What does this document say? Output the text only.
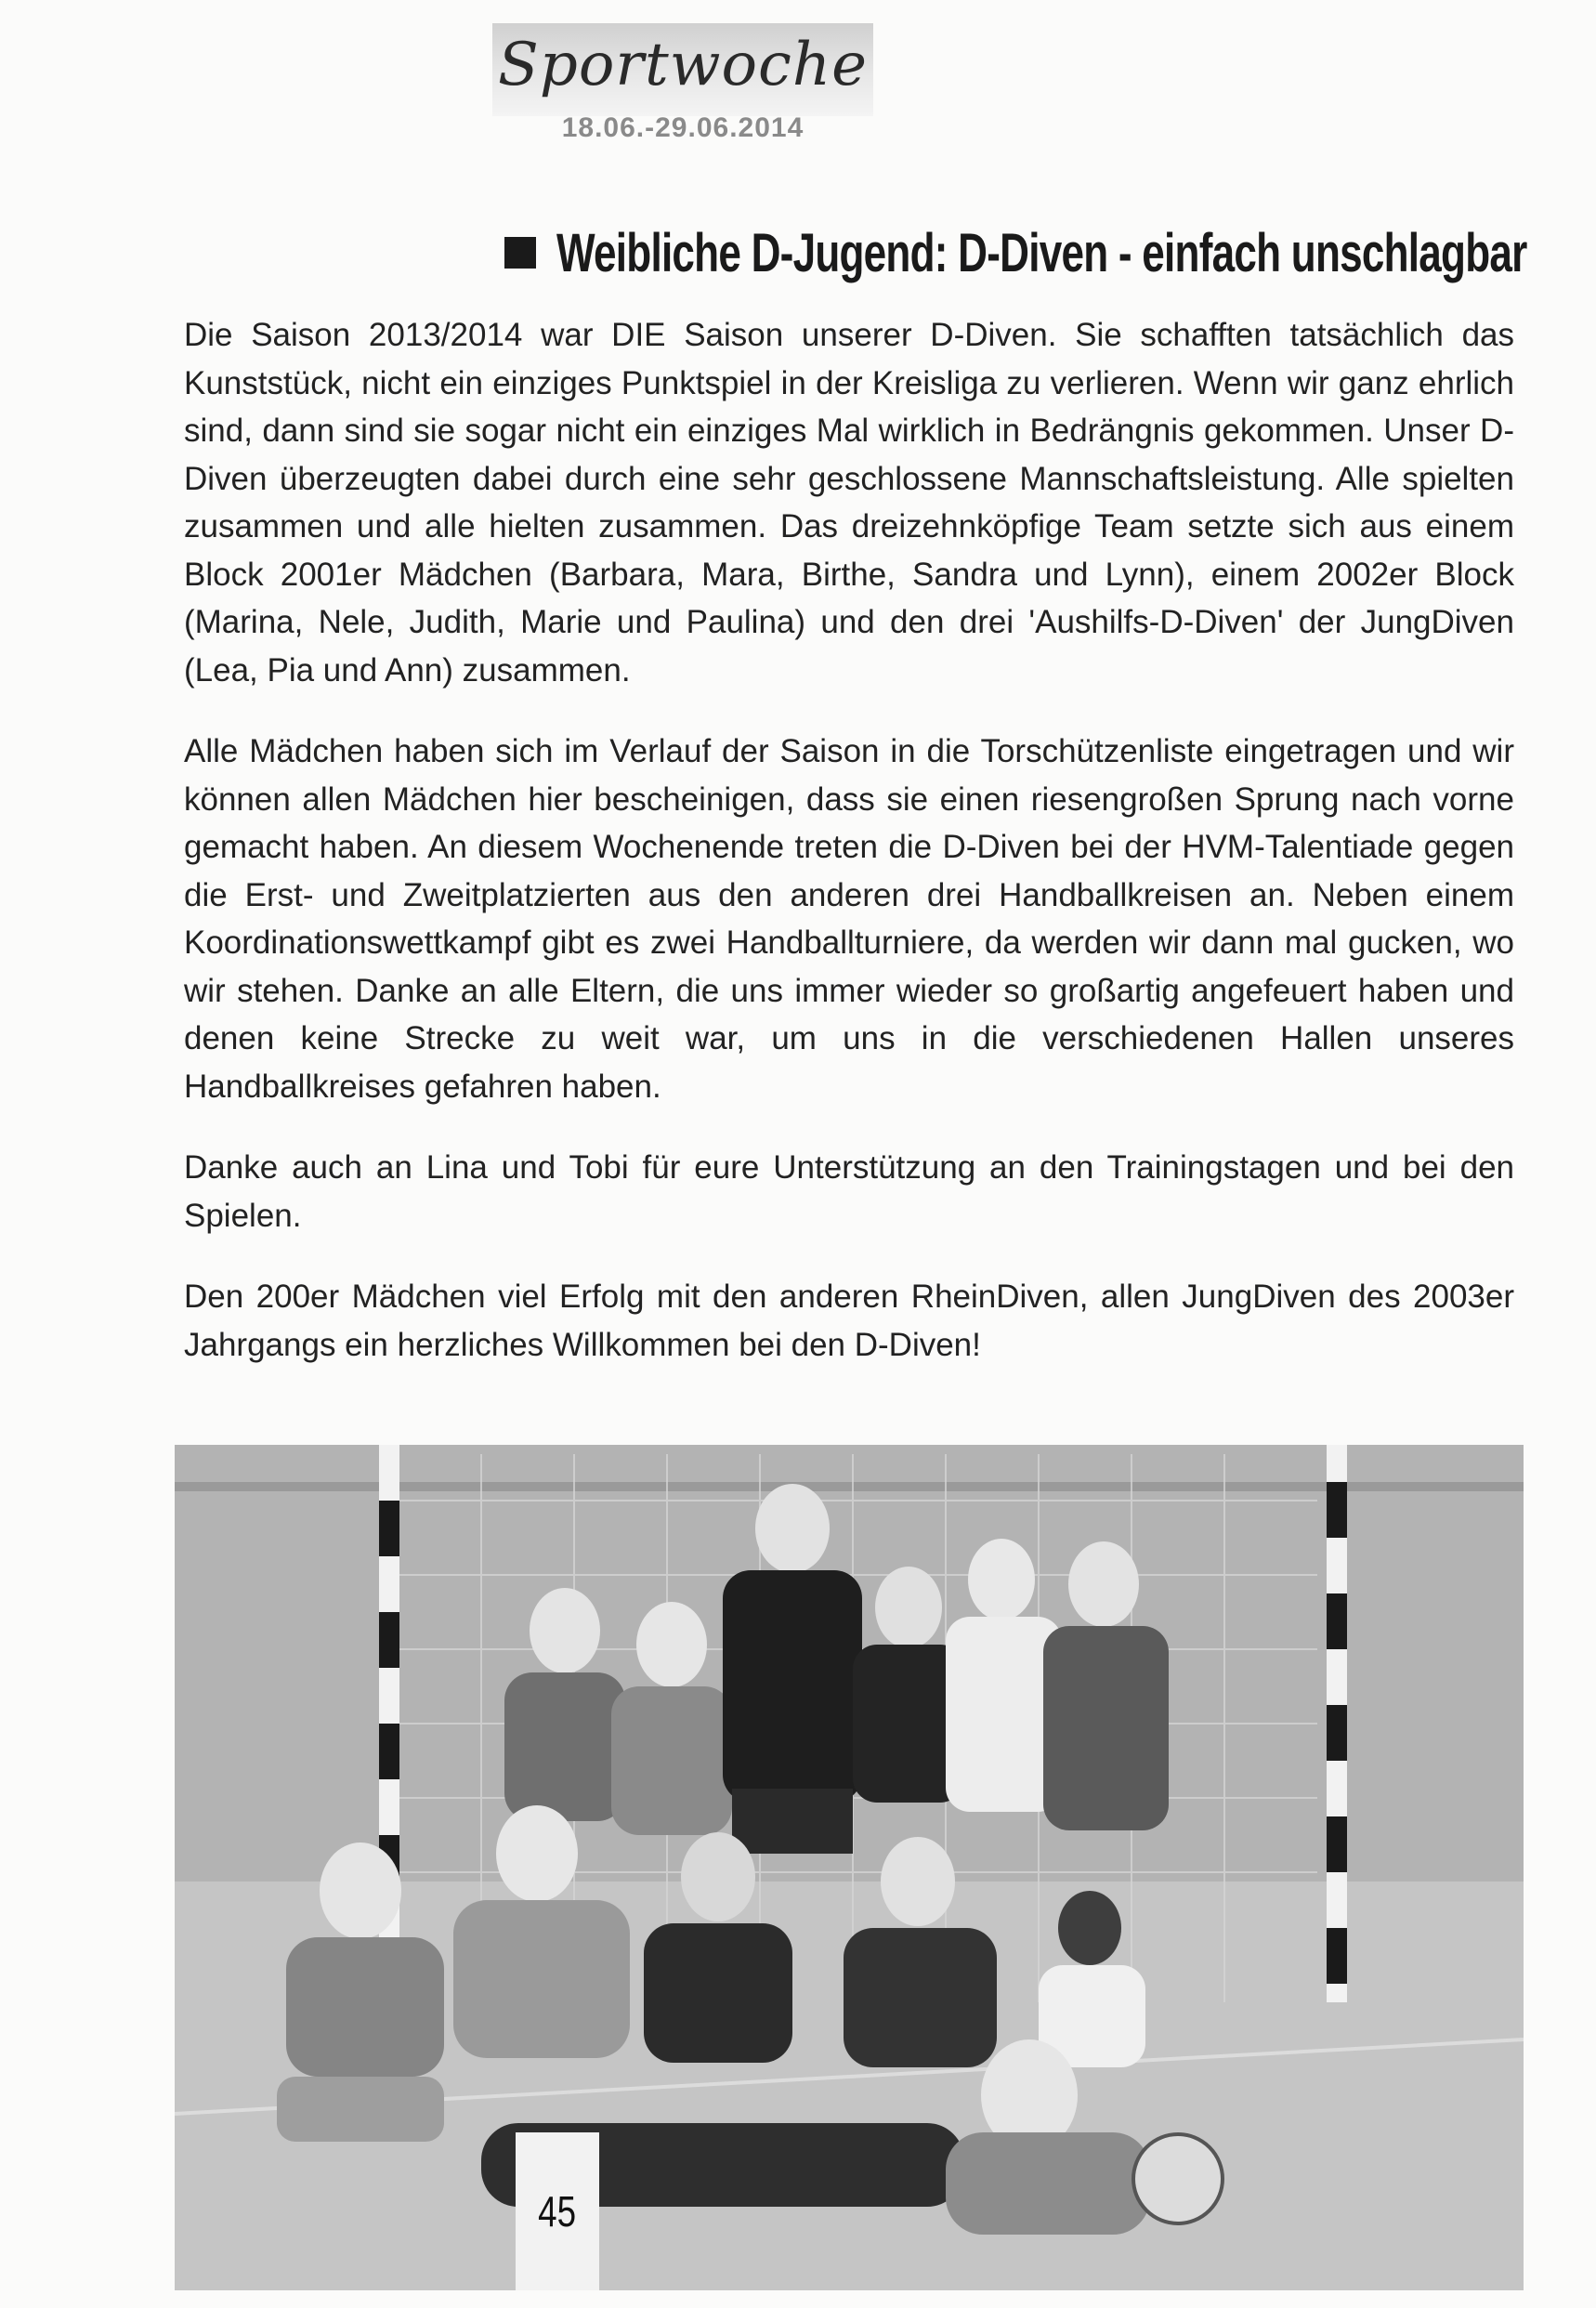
Sportwoche
18.06.-29.06.2014
Weibliche D-Jugend: D-Diven - einfach unschlagbar

Die Saison 2013/2014 war DIE Saison unserer D-Diven. Sie schafften tatsächlich das Kunststück, nicht ein einziges Punktspiel in der Kreisliga zu verlieren. Wenn wir ganz ehrlich sind, dann sind sie sogar nicht ein einziges Mal wirklich in Bedrängnis gekommen. Unser D-Diven überzeugten dabei durch eine sehr geschlossene Mannschaftsleistung. Alle spielten zusammen und alle hielten zusammen. Das dreizehnköpfige Team setzte sich aus einem Block 2001er Mädchen (Barbara, Mara, Birthe, Sandra und Lynn), einem 2002er Block (Marina, Nele, Judith, Marie und Paulina) und den drei 'Aushilfs-D-Diven' der JungDiven (Lea, Pia und Ann) zusammen.

Alle Mädchen haben sich im Verlauf der Saison in die Torschützenliste eingetragen und wir können allen Mädchen hier bescheinigen, dass sie einen riesengroßen Sprung nach vorne gemacht haben. An diesem Wochenende treten die D-Diven bei der HVM-Talentiade gegen die Erst- und Zweitplatzierten aus den anderen drei Handballkreisen an. Neben einem Koordinationswettkampf gibt es zwei Handballturniere, da werden wir dann mal gucken, wo wir stehen. Danke an alle Eltern, die uns immer wieder so großartig angefeuert haben und denen keine Strecke zu weit war, um uns in die verschiedenen Hallen unseres Handballkreises gefahren haben.

Danke auch an Lina und Tobi für eure Unterstützung an den Trainingstagen und bei den Spielen.

Den 200er Mädchen viel Erfolg mit den anderen RheinDiven, allen JungDiven des 2003er Jahrgangs ein herzliches Willkommen bei den D-Diven!

45
